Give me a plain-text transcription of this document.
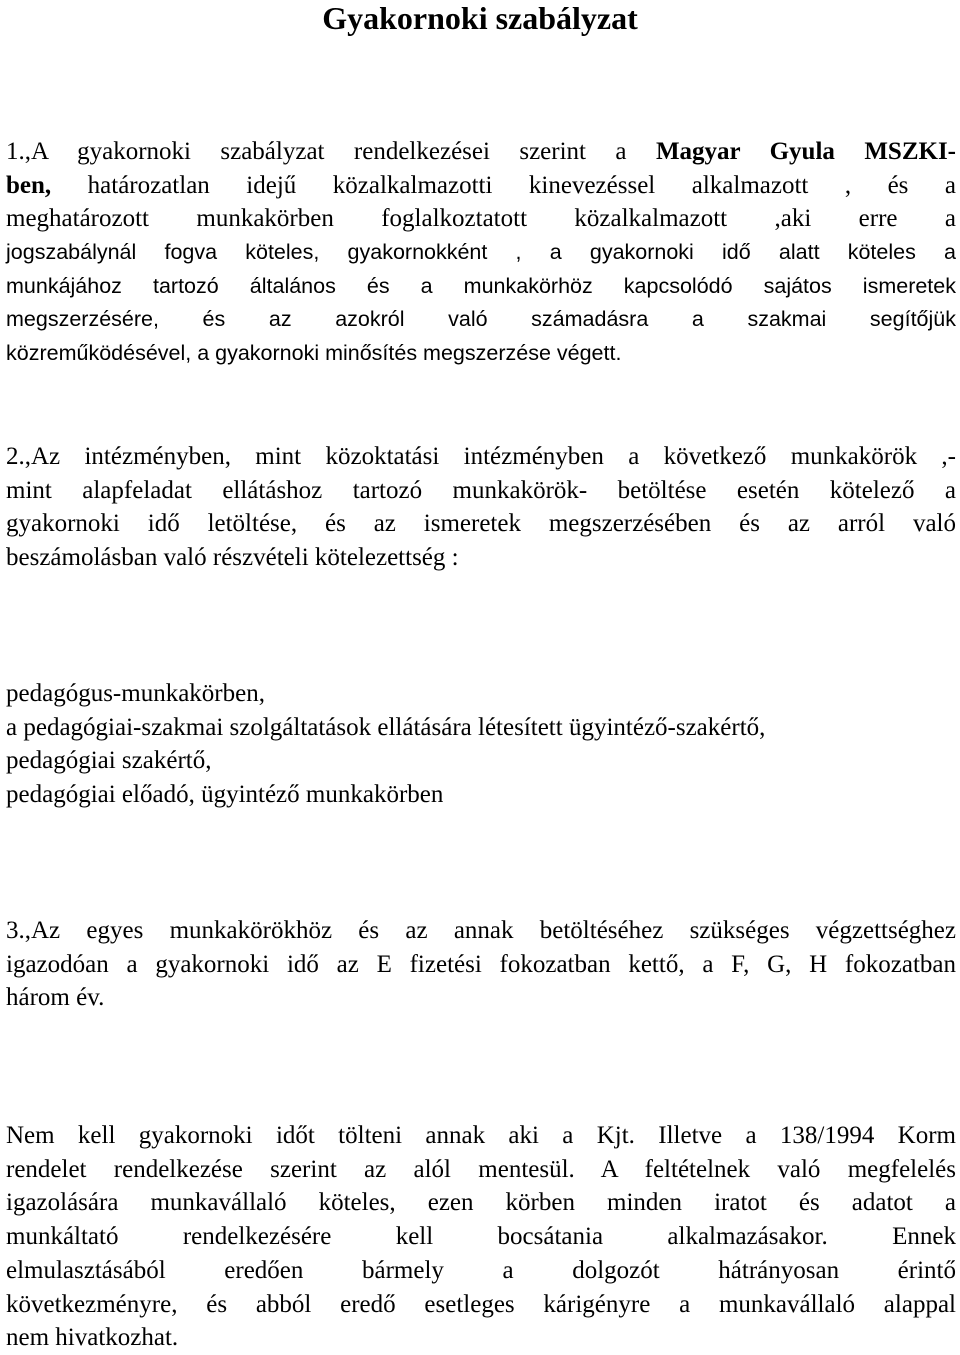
Gyakornoki szabályzat
1.,A gyakornoki szabályzat rendelkezései szerint a Magyar Gyula MSZKI-
ben, határozatlan idejű közalkalmazotti kinevezéssel alkalmazott , és a
meghatározott munkakörben foglalkoztatott közalkalmazott ,aki erre a
jogszabálynál fogva köteles, gyakornokként , a gyakornoki idő alatt köteles a
munkájához tartozó általános és a munkakörhöz kapcsolódó sajátos ismeretek
megszerzésére, és az azokról való számadásra a szakmai segítőjük
közreműködésével, a gyakornoki minősítés megszerzése végett.
2.,Az intézményben, mint közoktatási intézményben a következő munkakörök ,-
mint alapfeladat ellátáshoz tartozó munkakörök- betöltése esetén kötelező a
gyakornoki idő letöltése, és az ismeretek megszerzésében és az arról való
beszámolásban való részvételi kötelezettség :
pedagógus-munkakörben,
a pedagógiai-szakmai szolgáltatások ellátására létesített ügyintéző-szakértő,
pedagógiai szakértő,
pedagógiai előadó, ügyintéző munkakörben
3.,Az egyes munkakörökhöz és az annak betöltéséhez szükséges végzettséghez
igazodóan a gyakornoki idő az E fizetési fokozatban kettő, a F, G, H fokozatban
három év.
Nem kell gyakornoki időt tölteni annak aki a Kjt. Illetve a 138/1994 Korm
rendelet rendelkezése szerint az alól mentesül. A feltételnek való megfelelés
igazolására munkavállaló köteles, ezen körben minden iratot és adatot a
munkáltató rendelkezésére kell bocsátania alkalmazásakor. Ennek
elmulasztásából eredően bármely a dolgozót hátrányosan érintő
következményre, és abból eredő esetleges kárigényre a munkavállaló alappal
nem hivatkozhat.
